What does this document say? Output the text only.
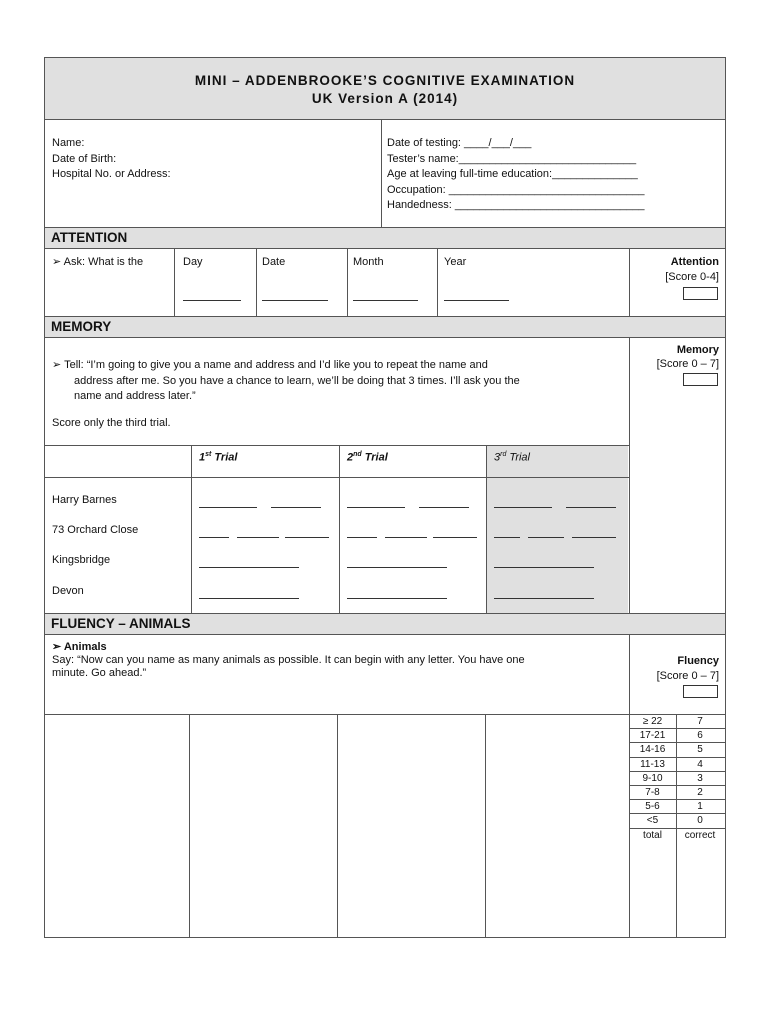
MINI – ADDENBROOKE’S COGNITIVE EXAMINATION
UK Version A (2014)
Name:
Date of Birth:
Hospital No. or Address:
Date of testing: ____/___/___
Tester’s name:_____________________________
Age at leaving full-time education:______________
Occupation: ________________________________
Handedness: _______________________________
ATTENTION
➢ Ask: What is the	Day	Date	Month	Year	Attention
[Score 0-4]
MEMORY
➢ Tell: “I’m going to give you a name and address and I’d like you to repeat the name and
address after me. So you have a chance to learn, we’ll be doing that 3 times. I’ll ask you the
name and address later.”
Score only the third trial.
Memory
[Score 0 – 7]
1st Trial	2nd Trial	3rd Trial
Harry Barnes
73 Orchard Close
Kingsbridge
Devon
FLUENCY – ANIMALS
➢ Animals
Say: “Now can you name as many animals as possible. It can begin with any letter. You have one
minute. Go ahead.”
Fluency
[Score 0 – 7]
≥ 22	7
17-21	6
14-16	5
11-13	4
9-10	3
7-8	2
5-6	1
<5	0
total	correct
